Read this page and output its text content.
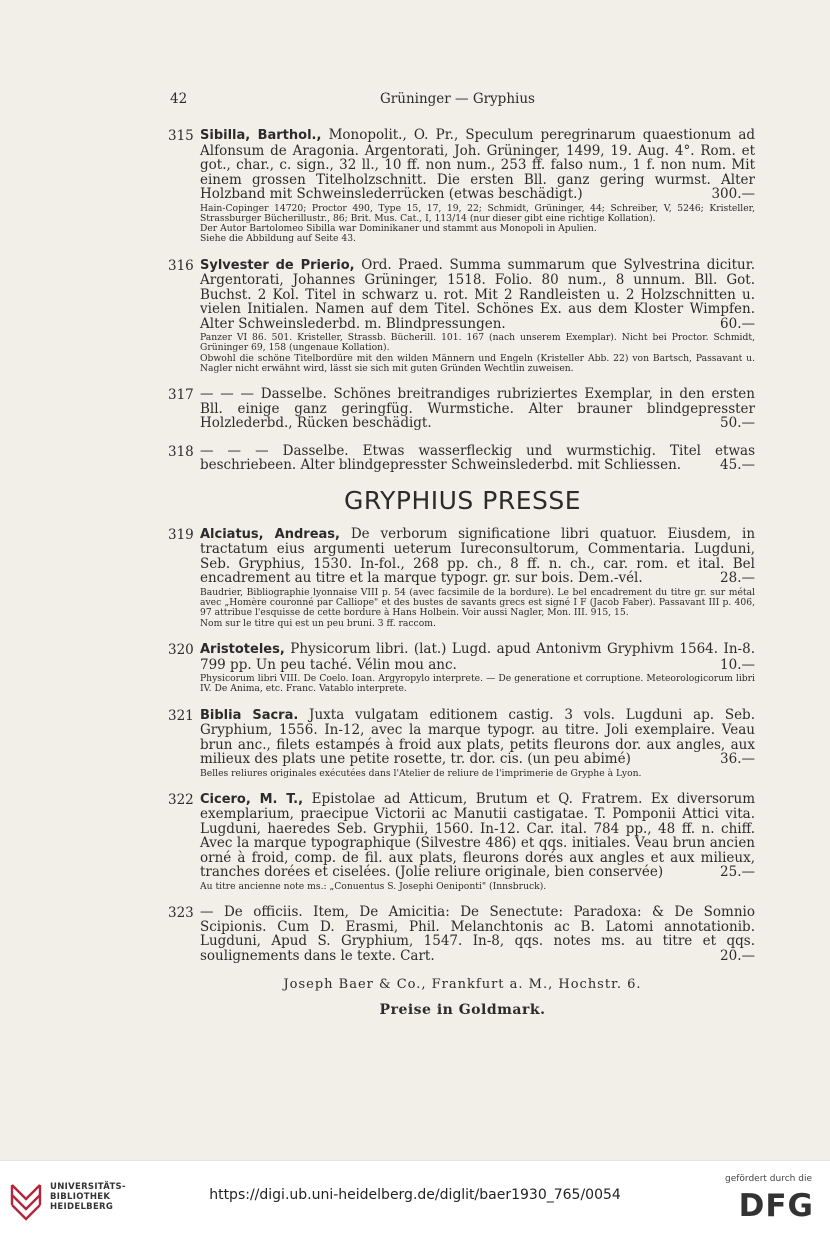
42	Grüninger — Gryphius
315 Sibilla, Barthol., Monopolit., O. Pr., Speculum peregrinarum quaestionum ad Alfonsum de Aragonia. Argentorati, Joh. Grüninger, 1499, 19. Aug. 4°. Rom. et got., char., c. sign., 32 ll., 10 ff. non num., 253 ff. falso num., 1 f. non num. Mit einem grossen Titelholzschnitt. Die ersten Bll. ganz gering wurmst. Alter Holzband mit Schweinslederrücken (etwas beschädigt.)	300.—
Hain-Copinger 14720; Proctor 490, Type 15, 17, 19, 22; Schmidt, Grüninger, 44; Schreiber, V, 5246; Kristeller, Strassburger Bücherillustr., 86; Brit. Mus. Cat., I, 113/14 (nur dieser gibt eine richtige Kollation).
Der Autor Bartolomeo Sibilla war Dominikaner und stammt aus Monopoli in Apulien.
Siehe die Abbildung auf Seite 43.
316 Sylvester de Prierio, Ord. Praed. Summa summarum que Sylvestrina dicitur. Argentorati, Johannes Grüninger, 1518. Folio. 80 num., 8 unnum. Bll. Got. Buchst. 2 Kol. Titel in schwarz u. rot. Mit 2 Randleisten u. 2 Holzschnitten u. vielen Initialen. Namen auf dem Titel. Schönes Ex. aus dem Kloster Wimpfen. Alter Schweinslederbd. m. Blindpressungen.	60.—
Panzer VI 86. 501. Kristeller, Strassb. Bücherill. 101. 167 (nach unserem Exemplar). Nicht bei Proctor. Schmidt, Grüninger 69, 158 (ungenaue Kollation).
Obwohl die schöne Titelbordüre mit den wilden Männern und Engeln (Kristeller Abb. 22) von Bartsch, Passavant u. Nagler nicht erwähnt wird, lässt sie sich mit guten Gründen Wechtlin zuweisen.
317 — — — Dasselbe. Schönes breitrandiges rubriziertes Exemplar, in den ersten Bll. einige ganz geringfüg. Wurmstiche. Alter brauner blindgepresster Holzlederbd., Rücken beschädigt.	50.—
318 — — — Dasselbe. Etwas wasserfleckig und wurmstichig. Titel etwas beschriebeen. Alter blindgepresster Schweinslederbd. mit Schliessen.	45.—
GRYPHIUS PRESSE
319 Alciatus, Andreas, De verborum significatione libri quatuor. Eiusdem, in tractatum eius argumenti ueterum Iureconsultorum, Commentaria. Lugduni, Seb. Gryphius, 1530. In-fol., 268 pp. ch., 8 ff. n. ch., car. rom. et ital. Bel encadrement au titre et la marque typogr. gr. sur bois. Dem.-vél.	28.—
Baudrier, Bibliographie lyonnaise VIII p. 54 (avec facsimile de la bordure). Le bel encadrement du titre gr. sur métal avec „Homère couronné par Calliope" et des bustes de savants grecs est signé I F (Jacob Faber). Passavant III p. 406, 97 attribue l'esquisse de cette bordure à Hans Holbein. Voir aussi Nagler, Mon. III. 915, 15.
Nom sur le titre qui est un peu bruni. 3 ff. raccom.
320 Aristoteles, Physicorum libri. (lat.) Lugd. apud Antonivm Gryphivm 1564. In-8. 799 pp. Un peu taché. Vélin mou anc.	10.—
Physicorum libri VIII. De Coelo. Ioan. Argyropylo interprete. — De generatione et corruptione. Meteorologicorum libri IV. De Anima, etc. Franc. Vatablo interprete.
321 Biblia Sacra. Juxta vulgatam editionem castig. 3 vols. Lugduni ap. Seb. Gryphium, 1556. In-12, avec la marque typogr. au titre. Joli exemplaire. Veau brun anc., filets estampés à froid aux plats, petits fleurons dor. aux angles, aux milieux des plats une petite rosette, tr. dor. cis. (un peu abimé)	36.—
Belles reliures originales exécutées dans l'Atelier de reliure de l'imprimerie de Gryphe à Lyon.
322 Cicero, M. T., Epistolae ad Atticum, Brutum et Q. Fratrem. Ex diversorum exemplarium, praecipue Victorii ac Manutii castigatae. T. Pomponii Attici vita. Lugduni, haeredes Seb. Gryphii, 1560. In-12. Car. ital. 784 pp., 48 ff. n. chiff. Avec la marque typographique (Silvestre 486) et qqs. initiales. Veau brun ancien orné à froid, comp. de fil. aux plats, fleurons dorés aux angles et aux milieux, tranches dorées et ciselées. (Jolie reliure originale, bien conservée)	25.—
Au titre ancienne note ms.: „Conuentus S. Josephi Oeniponti" (Innsbruck).
323 — De officiis. Item, De Amicitia: De Senectute: Paradoxa: & De Somnio Scipionis. Cum D. Erasmi, Phil. Melanchtonis ac B. Latomi annotationib. Lugduni, Apud S. Gryphium, 1547. In-8, qqs. notes ms. au titre et qqs. soulignements dans le texte. Cart.	20.—
Joseph Baer & Co., Frankfurt a. M., Hochstr. 6.
Preise in Goldmark.
UNIVERSITÄTS-
BIBLIOTHEK
HEIDELBERG
https://digi.ub.uni-heidelberg.de/diglit/baer1930_765/0054
gefördert durch die
DFG
